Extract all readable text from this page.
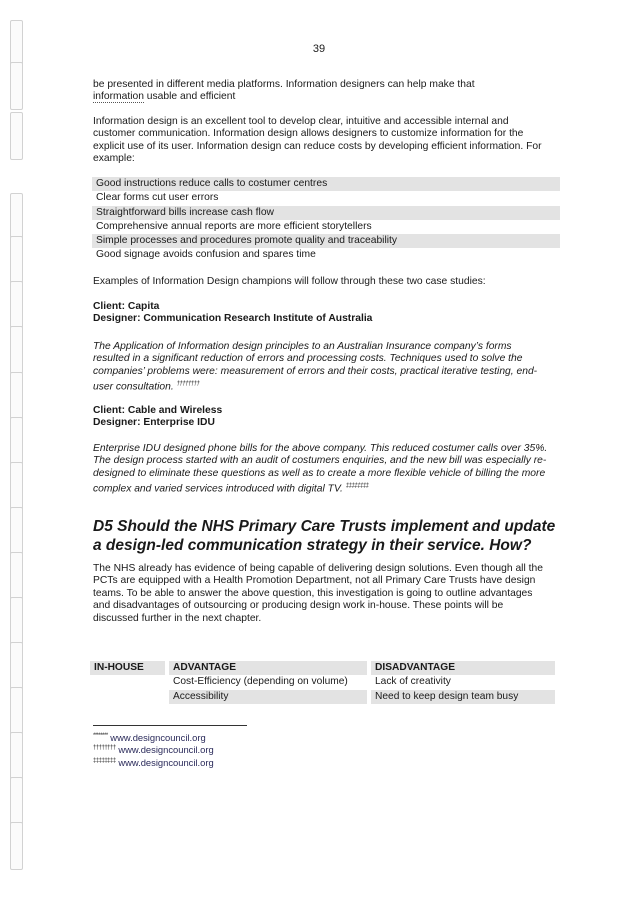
39

be presented in different media platforms. Information designers can help make that
information usable and efficient

Information design is an excellent tool to develop clear, intuitive and accessible internal and customer communication. Information design allows designers to customize information for the explicit use of its user. Information design can reduce costs by developing efficient information. For example:

Good instructions reduce calls to costumer centres
Clear forms cut user errors
Straightforward bills increase cash flow
Comprehensive annual reports are more efficient storytellers
Simple processes and procedures promote quality and traceability
Good signage avoids confusion and spares time

Examples of Information Design champions will follow through these two case studies:

Client: Capita
Designer: Communication Research Institute of Australia

The Application of Information design principles to an Australian Insurance company’s forms resulted in a significant reduction of errors and processing costs. Techniques used to solve the companies’ problems were: measurement of errors and their costs, practical iterative testing, end-user consultation. ††††††††

Client: Cable and Wireless
Designer: Enterprise IDU

Enterprise IDU designed phone bills for the above company. This reduced costumer calls over 35%. The design process started with an audit of costumers enquiries, and the new bill was especially re-designed to eliminate these questions as well as to create a more flexible vehicle of billing the more complex and varied services introduced with digital TV. ‡‡‡‡‡‡‡‡

D5 Should the NHS Primary Care Trusts implement and update a design-led communication strategy in their service. How?

The NHS already has evidence of being capable of delivering design solutions. Even though all the PCTs are equipped with a Health Promotion Department, not all Primary Care Trusts have design teams. To be able to answer the above question, this investigation is going to outline advantages and disadvantages of outsourcing or producing design work in-house. These points will be discussed further in the next chapter.

IN-HOUSE		ADVANTAGE		DISADVANTAGE
		Cost-Efficiency (depending on volume)		Lack of creativity
		Accessibility		Need to keep design team busy
******** www.designcouncil.org
†††††††† www.designcouncil.org
‡‡‡‡‡‡‡‡ www.designcouncil.org
